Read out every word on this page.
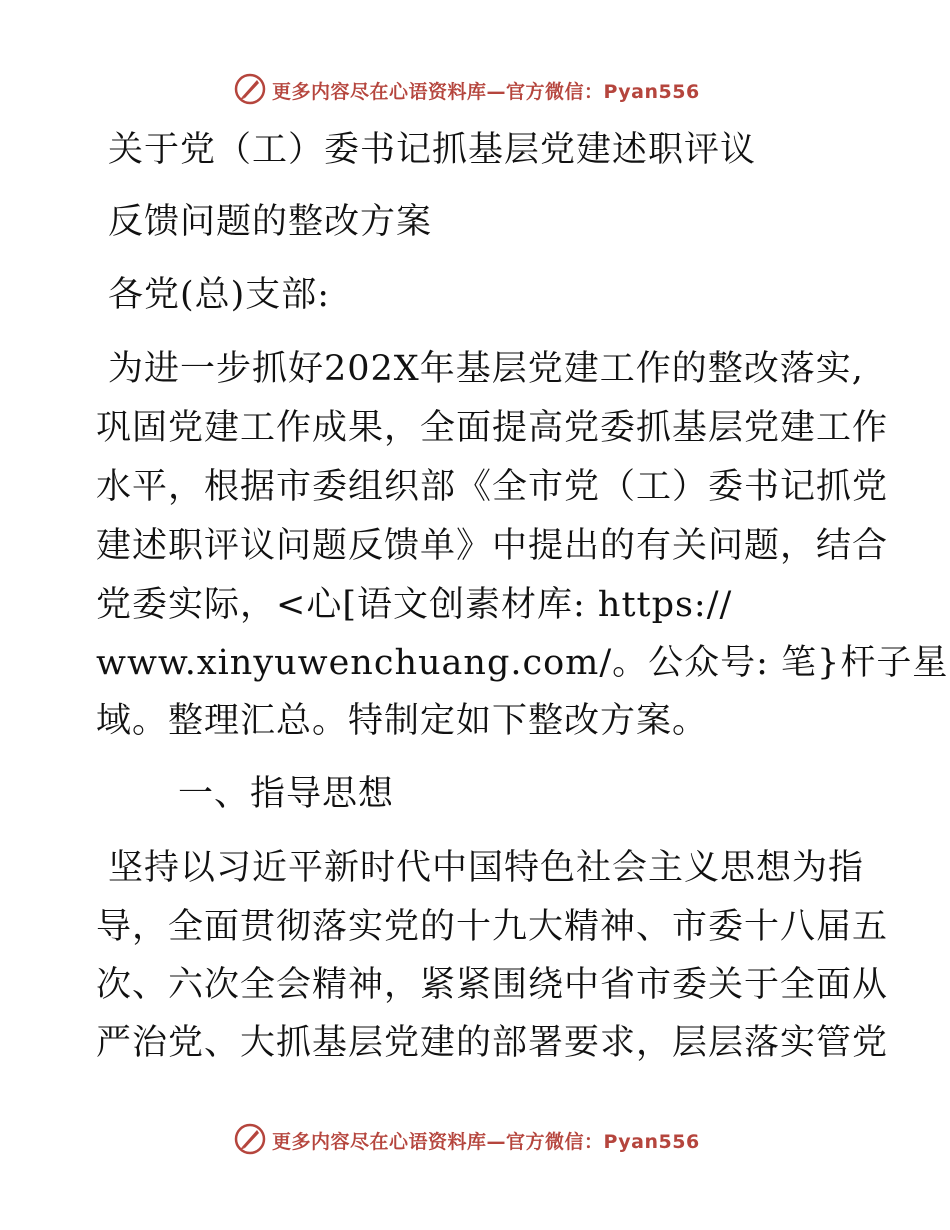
更多内容尽在心语资料库—官方微信：Pyan556
关于党（工）委书记抓基层党建述职评议
反馈问题的整改方案
各党(总)支部:
为进一步抓好202X年基层党建工作的整改落实,
巩固党建工作成果，全面提高党委抓基层党建工作
水平，根据市委组织部《全市党（工）委书记抓党
建述职评议问题反馈单》中提出的有关问题，结合
党委实际，<心[语文创素材库: https://
www.xinyuwenchuang.com/。公众号: 笔}杆子星
域。整理汇总。特制定如下整改方案。
一、指导思想
坚持以习近平新时代中国特色社会主义思想为指
导，全面贯彻落实党的十九大精神、市委十八届五
次、六次全会精神，紧紧围绕中省市委关于全面从
严治党、大抓基层党建的部署要求，层层落实管党
更多内容尽在心语资料库—官方微信：Pyan556
